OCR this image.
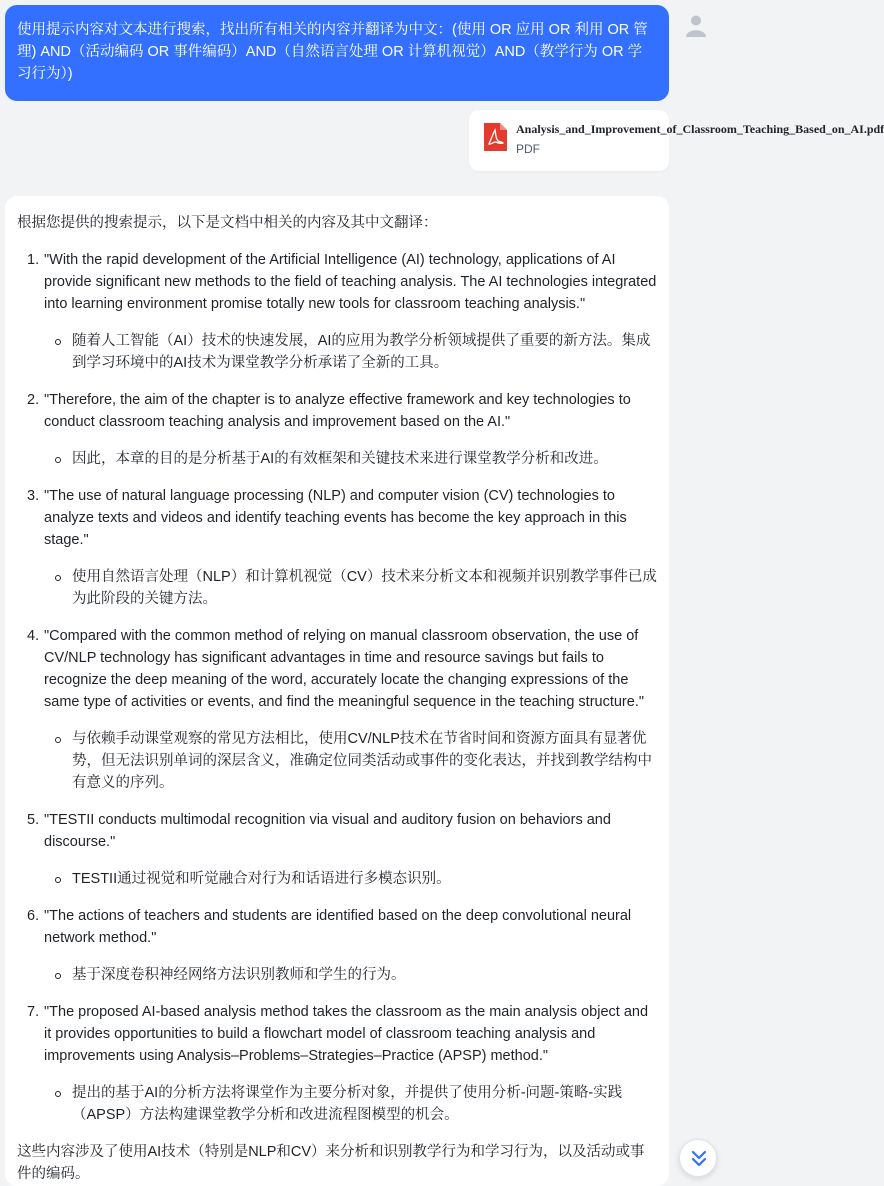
使用提示内容对文本进行搜索，找出所有相关的内容并翻译为中文：(使用 OR 应用 OR 利用 OR 管理) AND（活动编码 OR 事件编码）AND（自然语言处理 OR 计算机视觉）AND（教学行为 OR 学习行为）)
Analysis_and_Improvement_of_Classroom_Teaching_Based_on_AI.pdf
PDF
根据您提供的搜索提示，以下是文档中相关的内容及其中文翻译：
1. "With the rapid development of the Artificial Intelligence (AI) technology, applications of AI provide significant new methods to the field of teaching analysis. The AI technologies integrated into learning environment promise totally new tools for classroom teaching analysis."
随着人工智能（AI）技术的快速发展，AI的应用为教学分析领域提供了重要的新方法。集成到学习环境中的AI技术为课堂教学分析承诺了全新的工具。
2. "Therefore, the aim of the chapter is to analyze effective framework and key technologies to conduct classroom teaching analysis and improvement based on the AI."
因此，本章的目的是分析基于AI的有效框架和关键技术来进行课堂教学分析和改进。
3. "The use of natural language processing (NLP) and computer vision (CV) technologies to analyze texts and videos and identify teaching events has become the key approach in this stage."
使用自然语言处理（NLP）和计算机视觉（CV）技术来分析文本和视频并识别教学事件已成为此阶段的关键方法。
4. "Compared with the common method of relying on manual classroom observation, the use of CV/NLP technology has significant advantages in time and resource savings but fails to recognize the deep meaning of the word, accurately locate the changing expressions of the same type of activities or events, and find the meaningful sequence in the teaching structure."
与依赖手动课堂观察的常见方法相比，使用CV/NLP技术在节省时间和资源方面具有显著优势，但无法识别单词的深层含义，准确定位同类活动或事件的变化表达，并找到教学结构中有意义的序列。
5. "TESTII conducts multimodal recognition via visual and auditory fusion on behaviors and discourse."
TESTII通过视觉和听觉融合对行为和话语进行多模态识别。
6. "The actions of teachers and students are identified based on the deep convolutional neural network method."
基于深度卷积神经网络方法识别教师和学生的行为。
7. "The proposed AI-based analysis method takes the classroom as the main analysis object and it provides opportunities to build a flowchart model of classroom teaching analysis and improvements using Analysis–Problems–Strategies–Practice (APSP) method."
提出的基于AI的分析方法将课堂作为主要分析对象，并提供了使用分析-问题-策略-实践（APSP）方法构建课堂教学分析和改进流程图模型的机会。
这些内容涉及了使用AI技术（特别是NLP和CV）来分析和识别教学行为和学习行为，以及活动或事件的编码。
